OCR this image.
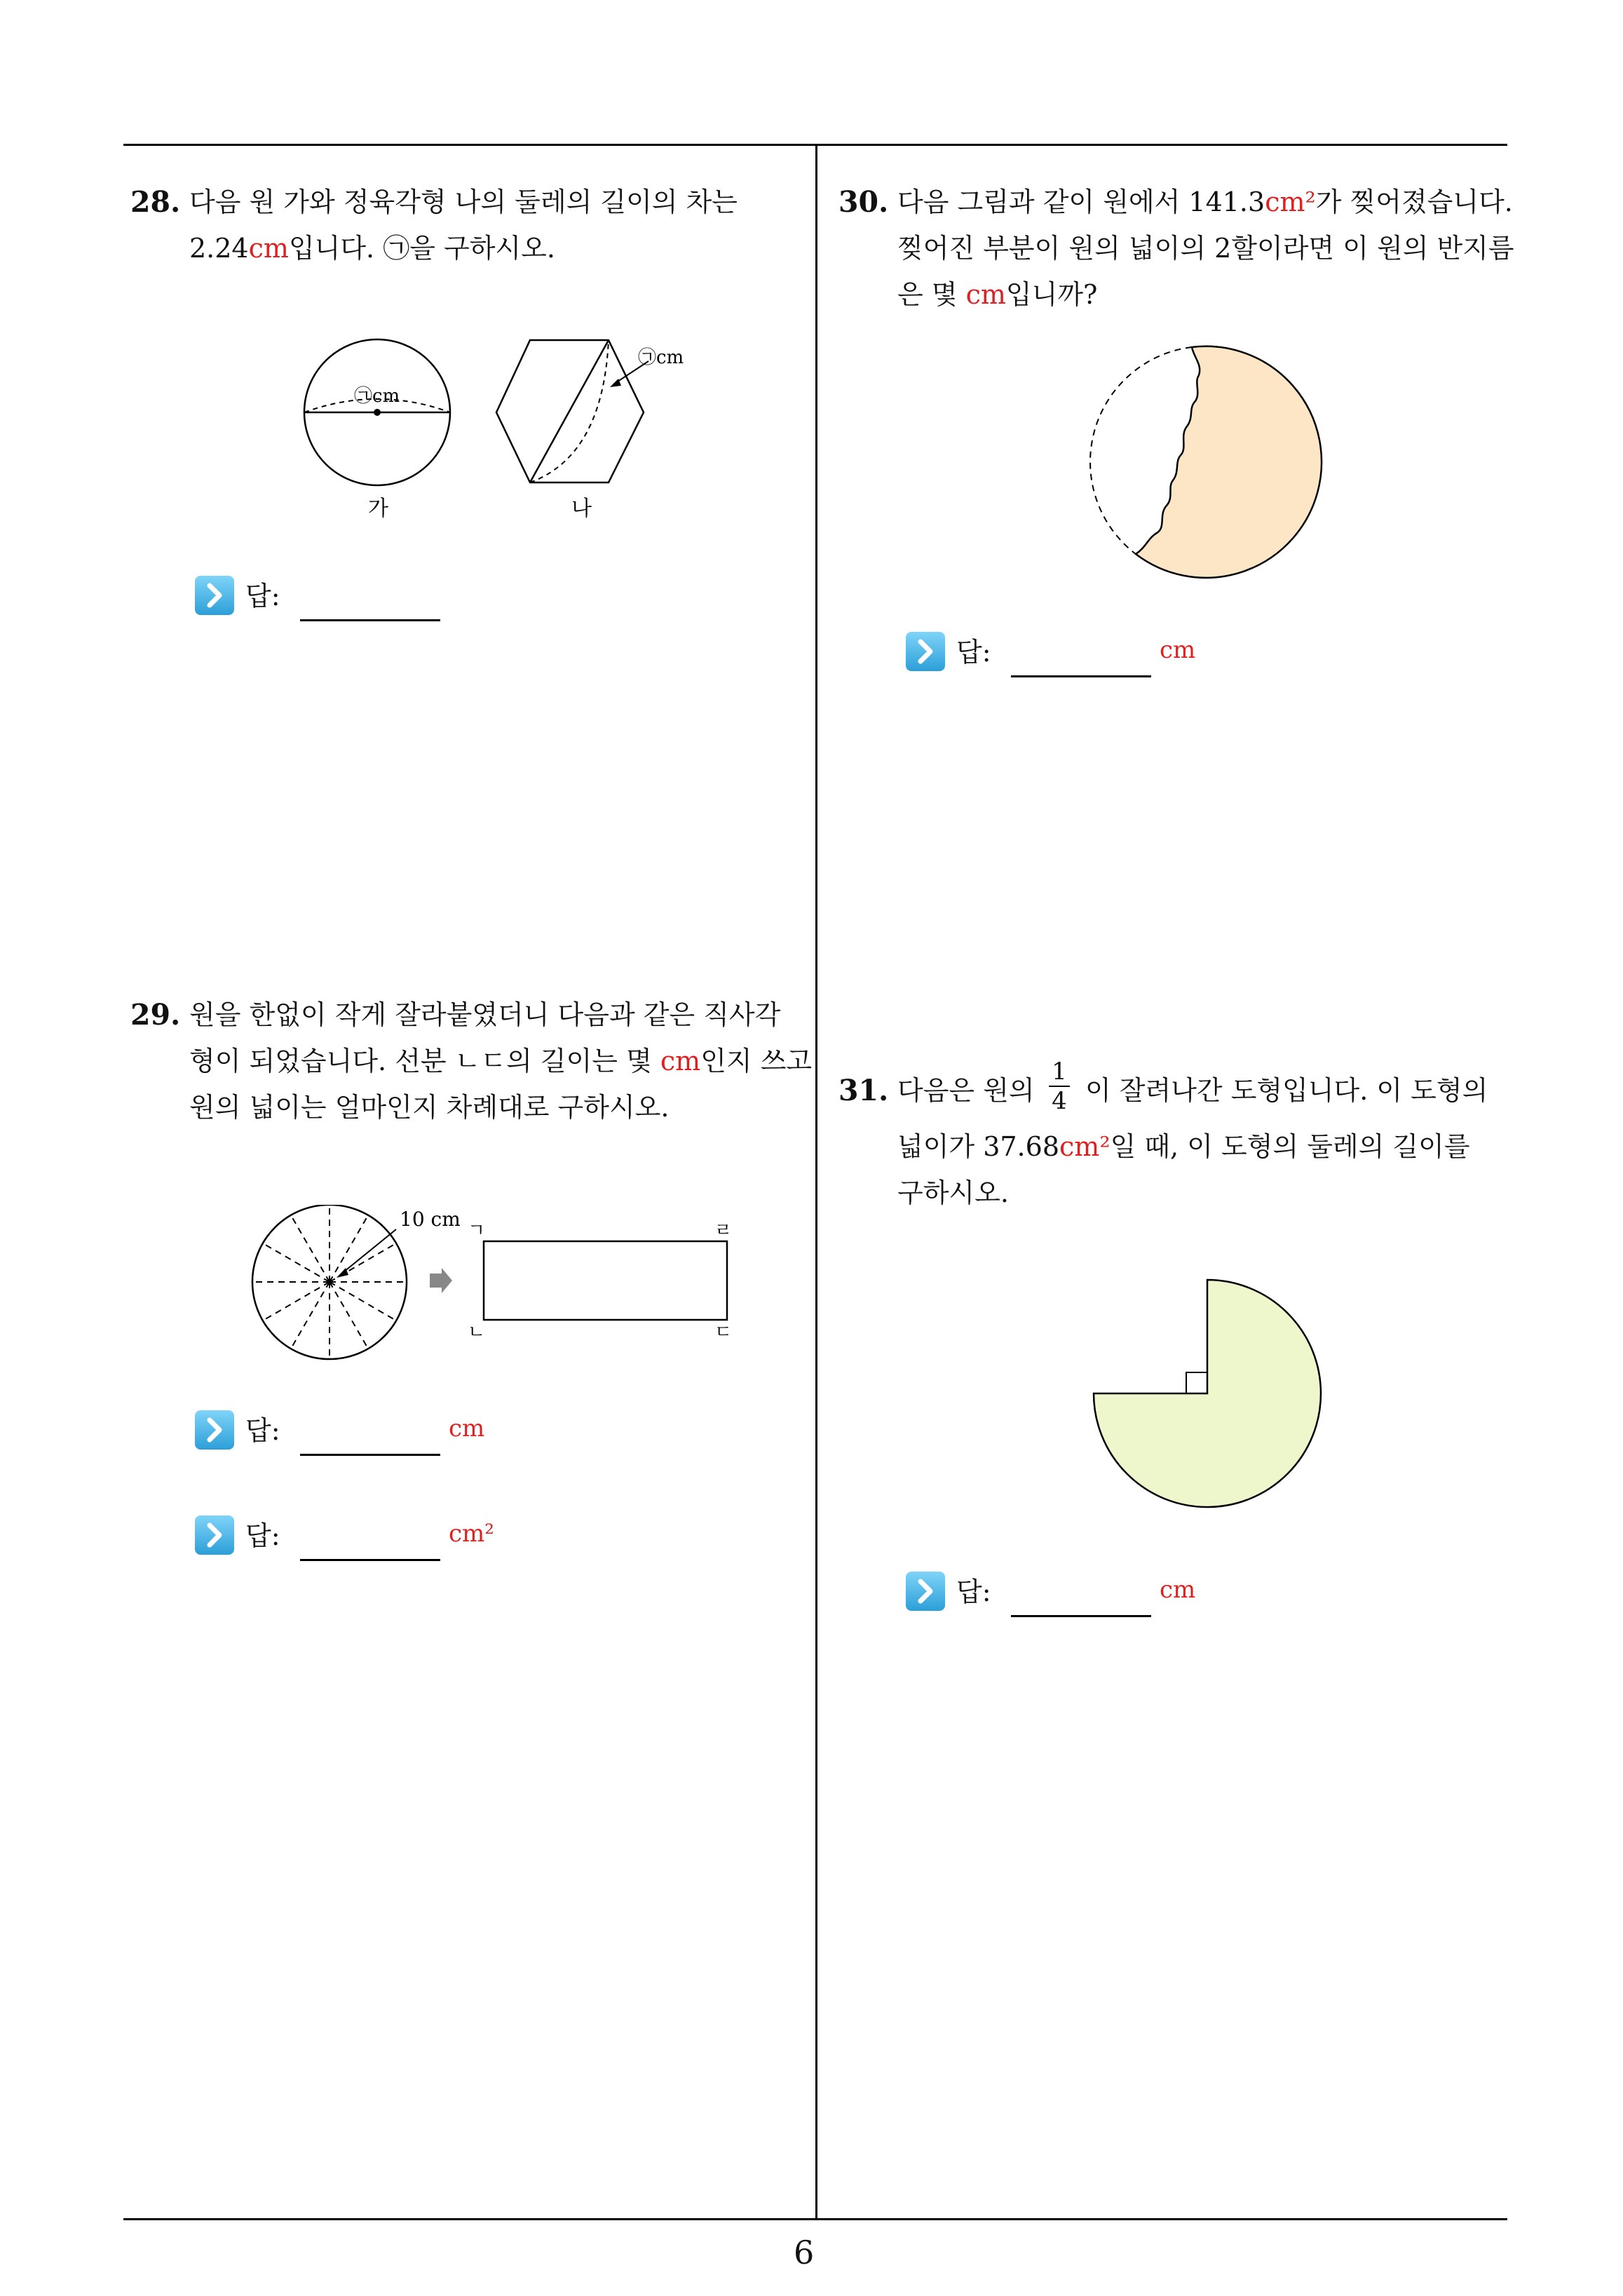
28. 다음 원 가와 정육각형 나의 둘레의 길이의 차는
2.24cm입니다. ㉠을 구하시오.
㉠cm
㉠cm
가	나
답:
29. 원을 한없이 작게 잘라붙였더니 다음과 같은 직사각
형이 되었습니다. 선분 ㄴㄷ의 길이는 몇 cm인지 쓰고
원의 넓이는 얼마인지 차례대로 구하시오.
10 cm ㄱ	ㄹ
ㄴ	ㄷ
답:	cm
답:	cm²
30. 다음 그림과 같이 원에서 141.3cm²가 찢어졌습니다.
찢어진 부분이 원의 넓이의 2할이라면 이 원의 반지름
은 몇 cm입니까?
답:	cm
31. 다음은 원의 $\frac{1}{4}$ 이 잘려나간 도형입니다. 이 도형의
넓이가 37.68cm²일 때, 이 도형의 둘레의 길이를
구하시오.
답:	cm
6
